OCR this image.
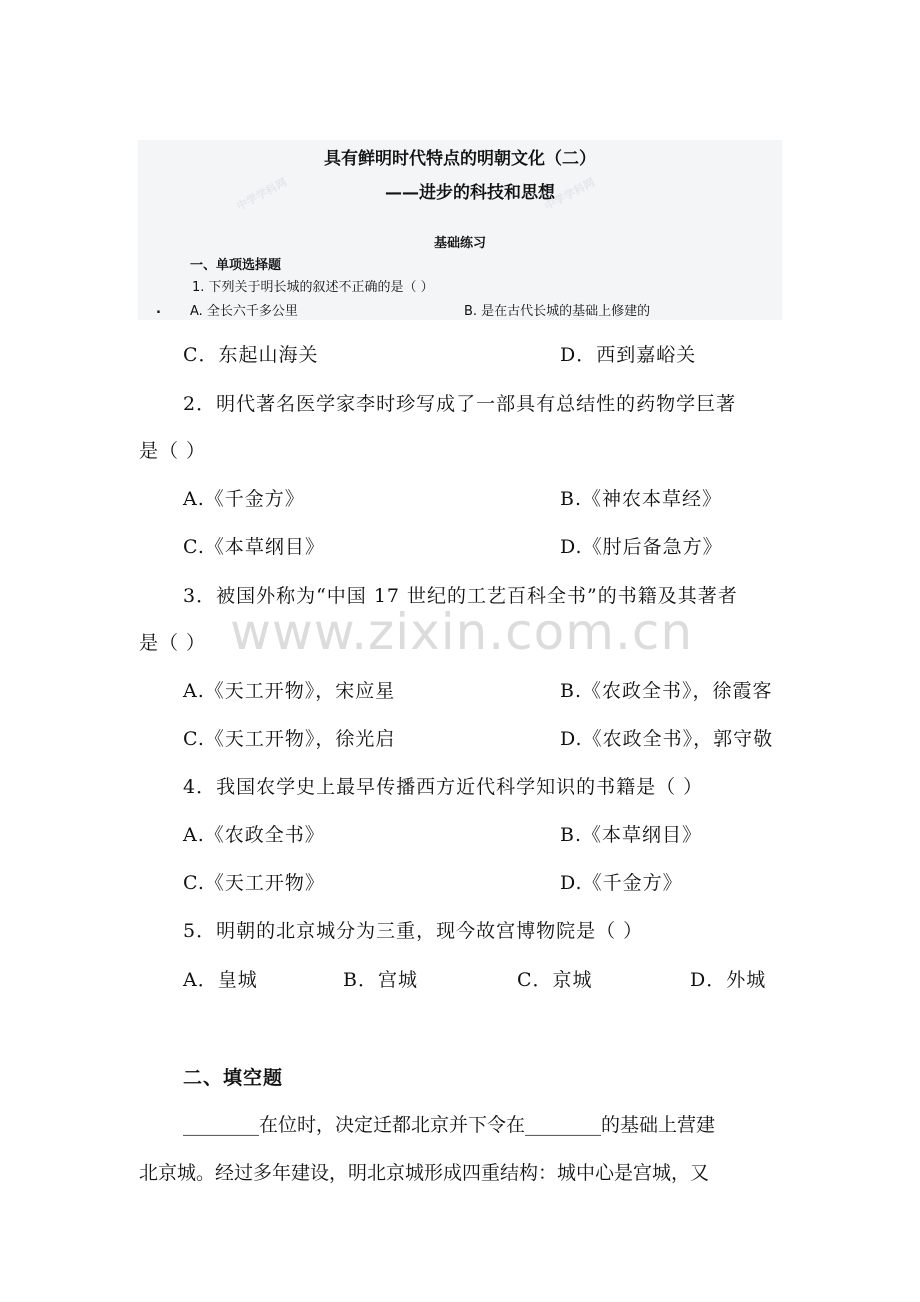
中学学科网	中学学科网
具有鲜明时代特点的明朝文化（二）
——进步的科技和思想
基础练习
一、单项选择题
1. 下列关于明长城的叙述不正确的是（ ）
. A. 全长六千多公里	B. 是在古代长城的基础上修建的
www.zixin.com.cn
C．东起山海关	D．西到嘉峪关
2．明代著名医学家李时珍写成了一部具有总结性的药物学巨著
是（ ）
A.《千金方》	B.《神农本草经》
C.《本草纲目》	D.《肘后备急方》
3．被国外称为“中国 17 世纪的工艺百科全书”的书籍及其著者
是（ ）
A.《天工开物》，宋应星	B.《农政全书》，徐霞客
C.《天工开物》，徐光启	D.《农政全书》，郭守敬
4．我国农学史上最早传播西方近代科学知识的书籍是（ ）
A.《农政全书》	B.《本草纲目》
C.《天工开物》	D.《千金方》
5．明朝的北京城分为三重，现今故宫博物院是（ ）
A．皇城	B．宫城	C．京城	D．外城
二、填空题
________在位时，决定迁都北京并下令在________的基础上营建
北京城。经过多年建设，明北京城形成四重结构：城中心是宫城，又
